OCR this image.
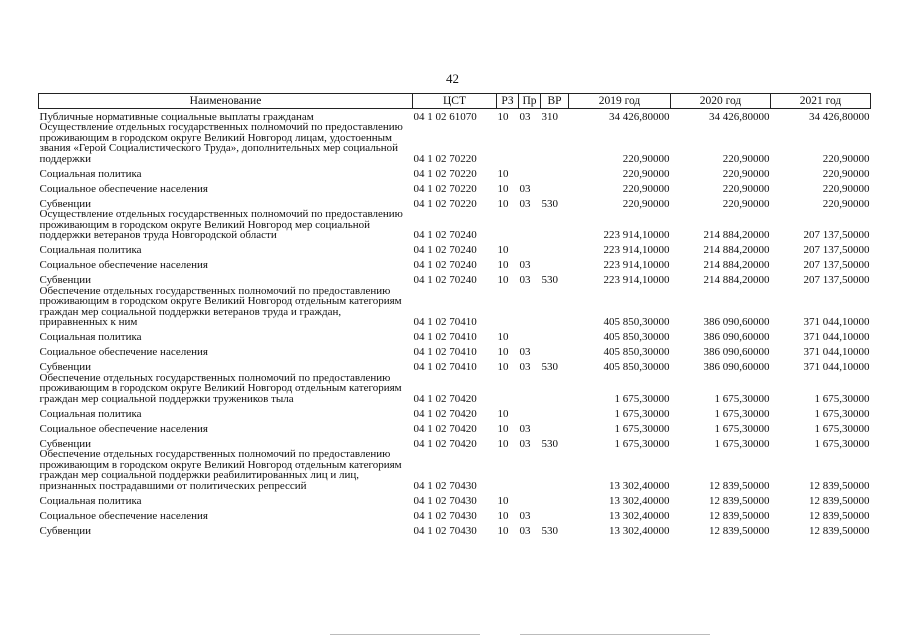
42
Наименование	ЦСТ	РЗ	Пр	ВР	2019 год	2020 год	2021 год
Публичные нормативные социальные выплаты гражданам	04 1 02 61070	10	03	310	34 426,80000	34 426,80000	34 426,80000
Осуществление отдельных государственных полномочий по предоставлению проживающим в городском округе Великий Новгород лицам, удостоенным звания «Герой Социалистического Труда», дополнительных мер социальной поддержки	04 1 02 70220				220,90000	220,90000	220,90000
Социальная политика	04 1 02 70220	10			220,90000	220,90000	220,90000
Социальное обеспечение населения	04 1 02 70220	10	03		220,90000	220,90000	220,90000
Субвенции	04 1 02 70220	10	03	530	220,90000	220,90000	220,90000
Осуществление отдельных государственных полномочий по предоставлению проживающим в городском округе Великий Новгород мер социальной поддержки ветеранов труда Новгородской области	04 1 02 70240				223 914,10000	214 884,20000	207 137,50000
Социальная политика	04 1 02 70240	10			223 914,10000	214 884,20000	207 137,50000
Социальное обеспечение населения	04 1 02 70240	10	03		223 914,10000	214 884,20000	207 137,50000
Субвенции	04 1 02 70240	10	03	530	223 914,10000	214 884,20000	207 137,50000
Обеспечение отдельных государственных полномочий по предоставлению проживающим в городском округе Великий Новгород отдельным категориям граждан мер социальной поддержки ветеранов труда и граждан, приравненных к ним	04 1 02 70410				405 850,30000	386 090,60000	371 044,10000
Социальная политика	04 1 02 70410	10			405 850,30000	386 090,60000	371 044,10000
Социальное обеспечение населения	04 1 02 70410	10	03		405 850,30000	386 090,60000	371 044,10000
Субвенции	04 1 02 70410	10	03	530	405 850,30000	386 090,60000	371 044,10000
Обеспечение отдельных государственных полномочий по предоставлению проживающим в городском округе Великий Новгород отдельным категориям граждан мер социальной поддержки тружеников тыла	04 1 02 70420				1 675,30000	1 675,30000	1 675,30000
Социальная политика	04 1 02 70420	10			1 675,30000	1 675,30000	1 675,30000
Социальное обеспечение населения	04 1 02 70420	10	03		1 675,30000	1 675,30000	1 675,30000
Субвенции	04 1 02 70420	10	03	530	1 675,30000	1 675,30000	1 675,30000
Обеспечение отдельных государственных полномочий по предоставлению проживающим в городском округе Великий Новгород отдельным категориям граждан мер социальной поддержки реабилитированных лиц и лиц, признанных пострадавшими от политических репрессий	04 1 02 70430				13 302,40000	12 839,50000	12 839,50000
Социальная политика	04 1 02 70430	10			13 302,40000	12 839,50000	12 839,50000
Социальное обеспечение населения	04 1 02 70430	10	03		13 302,40000	12 839,50000	12 839,50000
Субвенции	04 1 02 70430	10	03	530	13 302,40000	12 839,50000	12 839,50000
